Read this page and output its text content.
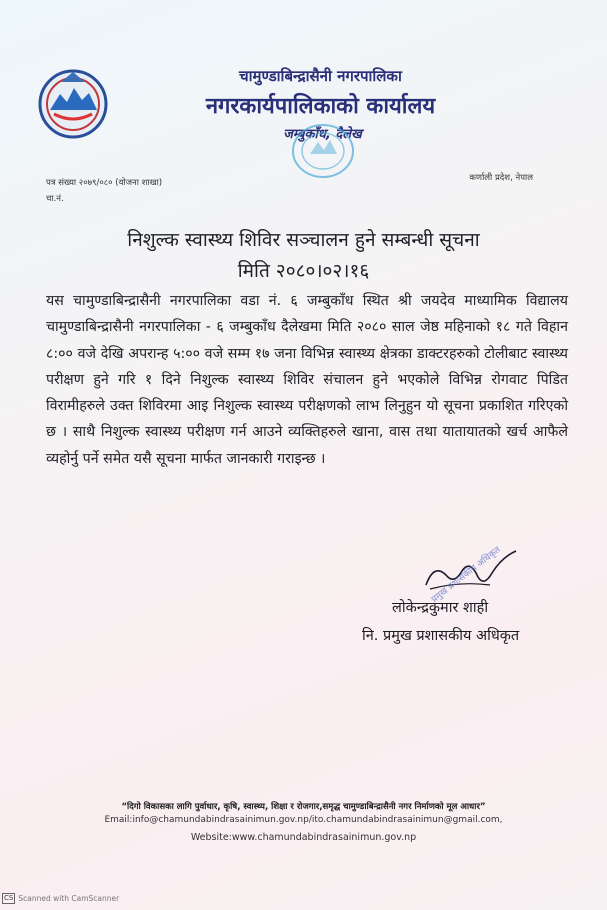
चामुण्डाबिन्द्रासैनी नगरपालिका
नगरकार्यपालिकाको कार्यालय
जम्बुकाँध, दैलेख
पत्र संख्या २०७९/०८० (योजना शाखा)
चा.नं.
कर्णाली प्रदेश, नेपाल
निशुल्क स्वास्थ्य शिविर सञ्चालन हुने सम्बन्धी सूचना
मिति २०८०।०२।१६
यस चामुण्डाबिन्द्रासैनी नगरपालिका वडा नं. ६ जम्बुकाँध स्थित श्री जयदेव माध्यामिक विद्यालय चामुण्डाबिन्द्रासैनी नगरपालिका - ६ जम्बुकाँध दैलेखमा मिति २०८० साल जेष्ठ महिनाको १८ गते विहान ८:०० वजे देखि अपरान्ह ५:०० वजे सम्म १७ जना विभिन्न स्वास्थ्य क्षेत्रका डाक्टरहरुको टोलीबाट स्वास्थ्य परीक्षण हुने गरि १ दिने निशुल्क स्वास्थ्य शिविर संचालन हुने भएकोले विभिन्न रोगवाट पिडित विरामीहरुले उक्त शिविरमा आइ निशुल्क स्वास्थ्य परीक्षणको लाभ लिनुहुन यो सूचना प्रकाशित गरिएको छ । साथै निशुल्क स्वास्थ्य परीक्षण गर्न आउने व्यक्तिहरुले खाना, वास तथा यातायातको खर्च आफैले व्यहोर्नु पर्ने समेत यसै सूचना मार्फत जानकारी गराइन्छ ।
प्रमुख प्रशासकीय अधिकृत
लोकेन्द्रकुमार शाही
नि. प्रमुख प्रशासकीय अधिकृत
“दिगो विकासका लागि पुर्वाधार, कृषि, स्वास्थ्य, शिक्षा र रोजगार,समृद्ध चामुण्डाबिन्द्रासैनी नगर निर्माणको मूल आधार”
Email:info@chamundabindrasainimun.gov.np/ito.chamundabindrasainimun@gmail.com,
Website:www.chamundabindrasainimun.gov.np
CS Scanned with CamScanner
